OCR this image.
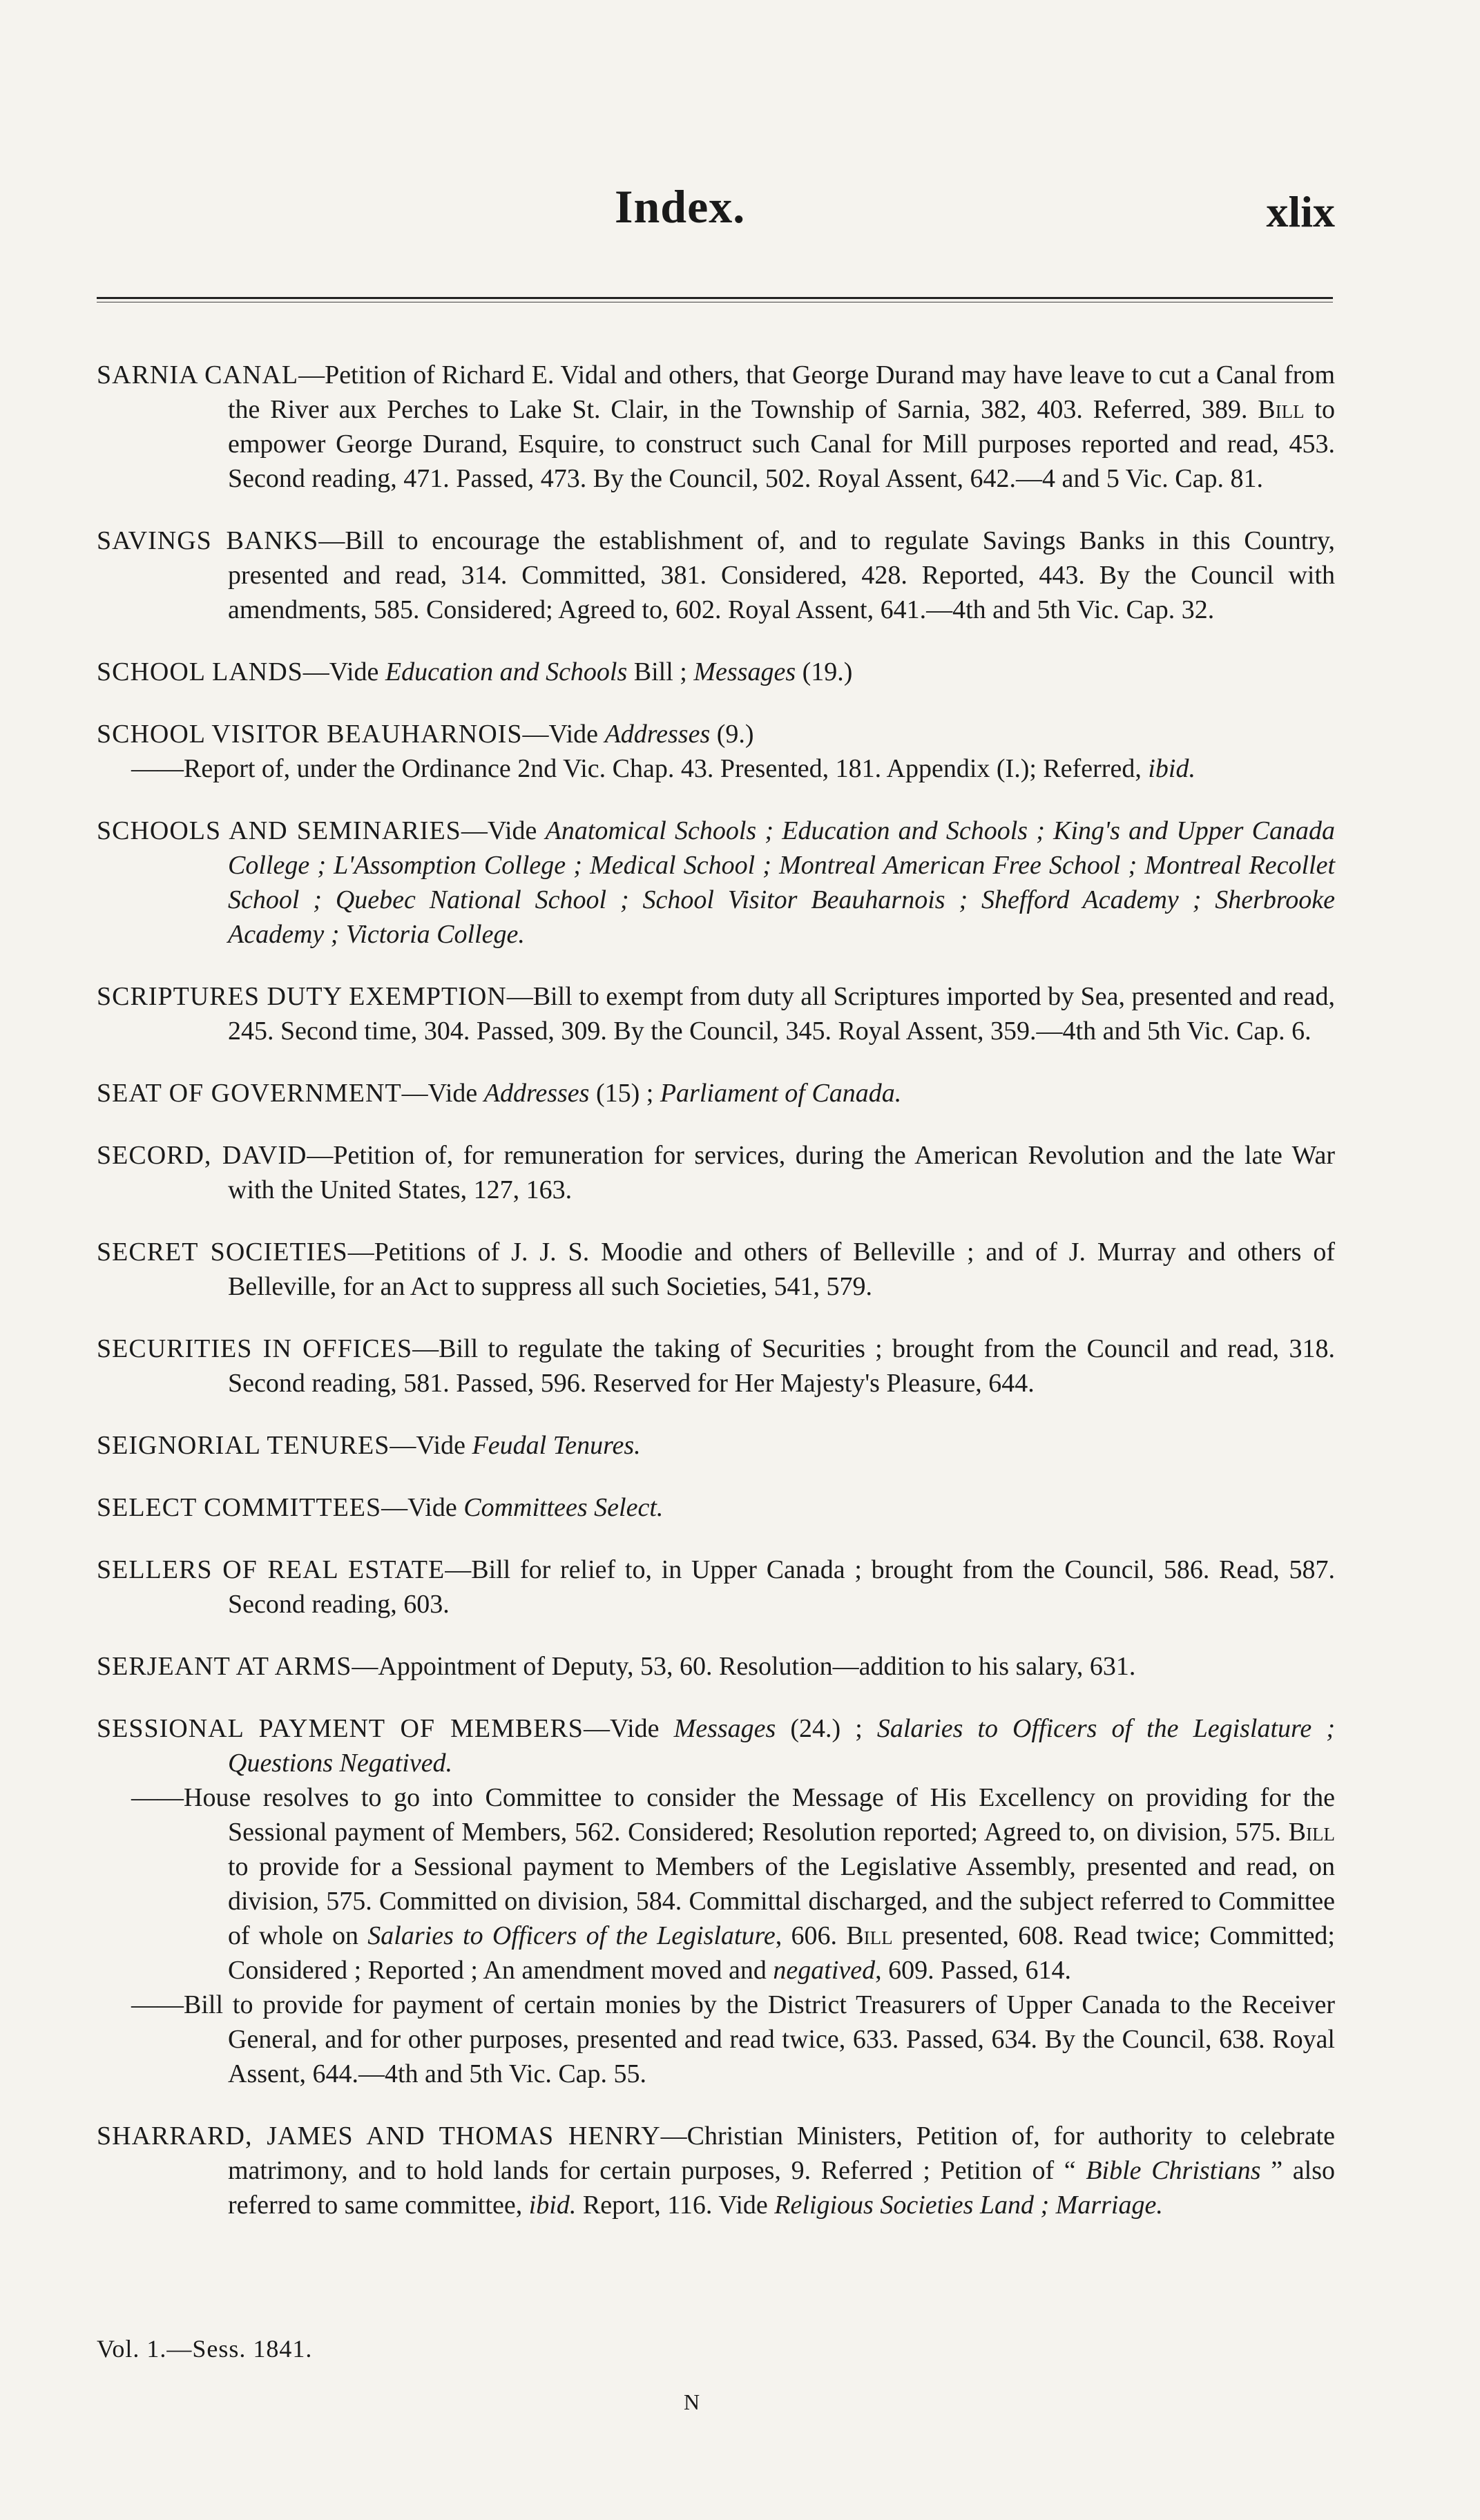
Index.	xlix

SARNIA CANAL—Petition of Richard E. Vidal and others, that George Durand may have leave to cut a Canal from the River aux Perches to Lake St. Clair, in the Township of Sarnia, 382, 403. Referred, 389. Bill to empower George Durand, Esquire, to construct such Canal for Mill purposes reported and read, 453. Second reading, 471. Passed, 473. By the Council, 502. Royal Assent, 642.—4 and 5 Vic. Cap. 81.

SAVINGS BANKS—Bill to encourage the establishment of, and to regulate Savings Banks in this Country, presented and read, 314. Committed, 381. Considered, 428. Reported, 443. By the Council with amendments, 585. Considered; Agreed to, 602. Royal Assent, 641.—4th and 5th Vic. Cap. 32.

SCHOOL LANDS—Vide Education and Schools Bill ; Messages (19.)

SCHOOL VISITOR BEAUHARNOIS—Vide Addresses (9.)

——Report of, under the Ordinance 2nd Vic. Chap. 43. Presented, 181. Appendix (I.); Referred, ibid.

SCHOOLS AND SEMINARIES—Vide Anatomical Schools ; Education and Schools ; King's and Upper Canada College ; L'Assomption College ; Medical School ; Montreal American Free School ; Montreal Recollet School ; Quebec National School ; School Visitor Beauharnois ; Shefford Academy ; Sherbrooke Academy ; Victoria College.

SCRIPTURES DUTY EXEMPTION—Bill to exempt from duty all Scriptures imported by Sea, presented and read, 245. Second time, 304. Passed, 309. By the Council, 345. Royal Assent, 359.—4th and 5th Vic. Cap. 6.

SEAT OF GOVERNMENT—Vide Addresses (15) ; Parliament of Canada.

SECORD, DAVID—Petition of, for remuneration for services, during the American Revolution and the late War with the United States, 127, 163.

SECRET SOCIETIES—Petitions of J. J. S. Moodie and others of Belleville ; and of J. Murray and others of Belleville, for an Act to suppress all such Societies, 541, 579.

SECURITIES IN OFFICES—Bill to regulate the taking of Securities ; brought from the Council and read, 318. Second reading, 581. Passed, 596. Reserved for Her Majesty's Pleasure, 644.

SEIGNORIAL TENURES—Vide Feudal Tenures.

SELECT COMMITTEES—Vide Committees Select.

SELLERS OF REAL ESTATE—Bill for relief to, in Upper Canada ; brought from the Council, 586. Read, 587. Second reading, 603.

SERJEANT AT ARMS—Appointment of Deputy, 53, 60. Resolution—addition to his salary, 631.

SESSIONAL PAYMENT OF MEMBERS—Vide Messages (24.) ; Salaries to Officers of the Legislature ; Questions Negatived.

——House resolves to go into Committee to consider the Message of His Excellency on providing for the Sessional payment of Members, 562. Considered; Resolution reported; Agreed to, on division, 575. Bill to provide for a Sessional payment to Members of the Legislative Assembly, presented and read, on division, 575. Committed on division, 584. Committal discharged, and the subject referred to Committee of whole on Salaries to Officers of the Legislature, 606. Bill presented, 608. Read twice; Committed; Considered ; Reported ; An amendment moved and negatived, 609. Passed, 614.

——Bill to provide for payment of certain monies by the District Treasurers of Upper Canada to the Receiver General, and for other purposes, presented and read twice, 633. Passed, 634. By the Council, 638. Royal Assent, 644.—4th and 5th Vic. Cap. 55.

SHARRARD, JAMES AND THOMAS HENRY—Christian Ministers, Petition of, for authority to celebrate matrimony, and to hold lands for certain purposes, 9. Referred ; Petition of “ Bible Christians ” also referred to same committee, ibid. Report, 116. Vide Religious Societies Land ; Marriage.

Vol. 1.—Sess. 1841.
N
